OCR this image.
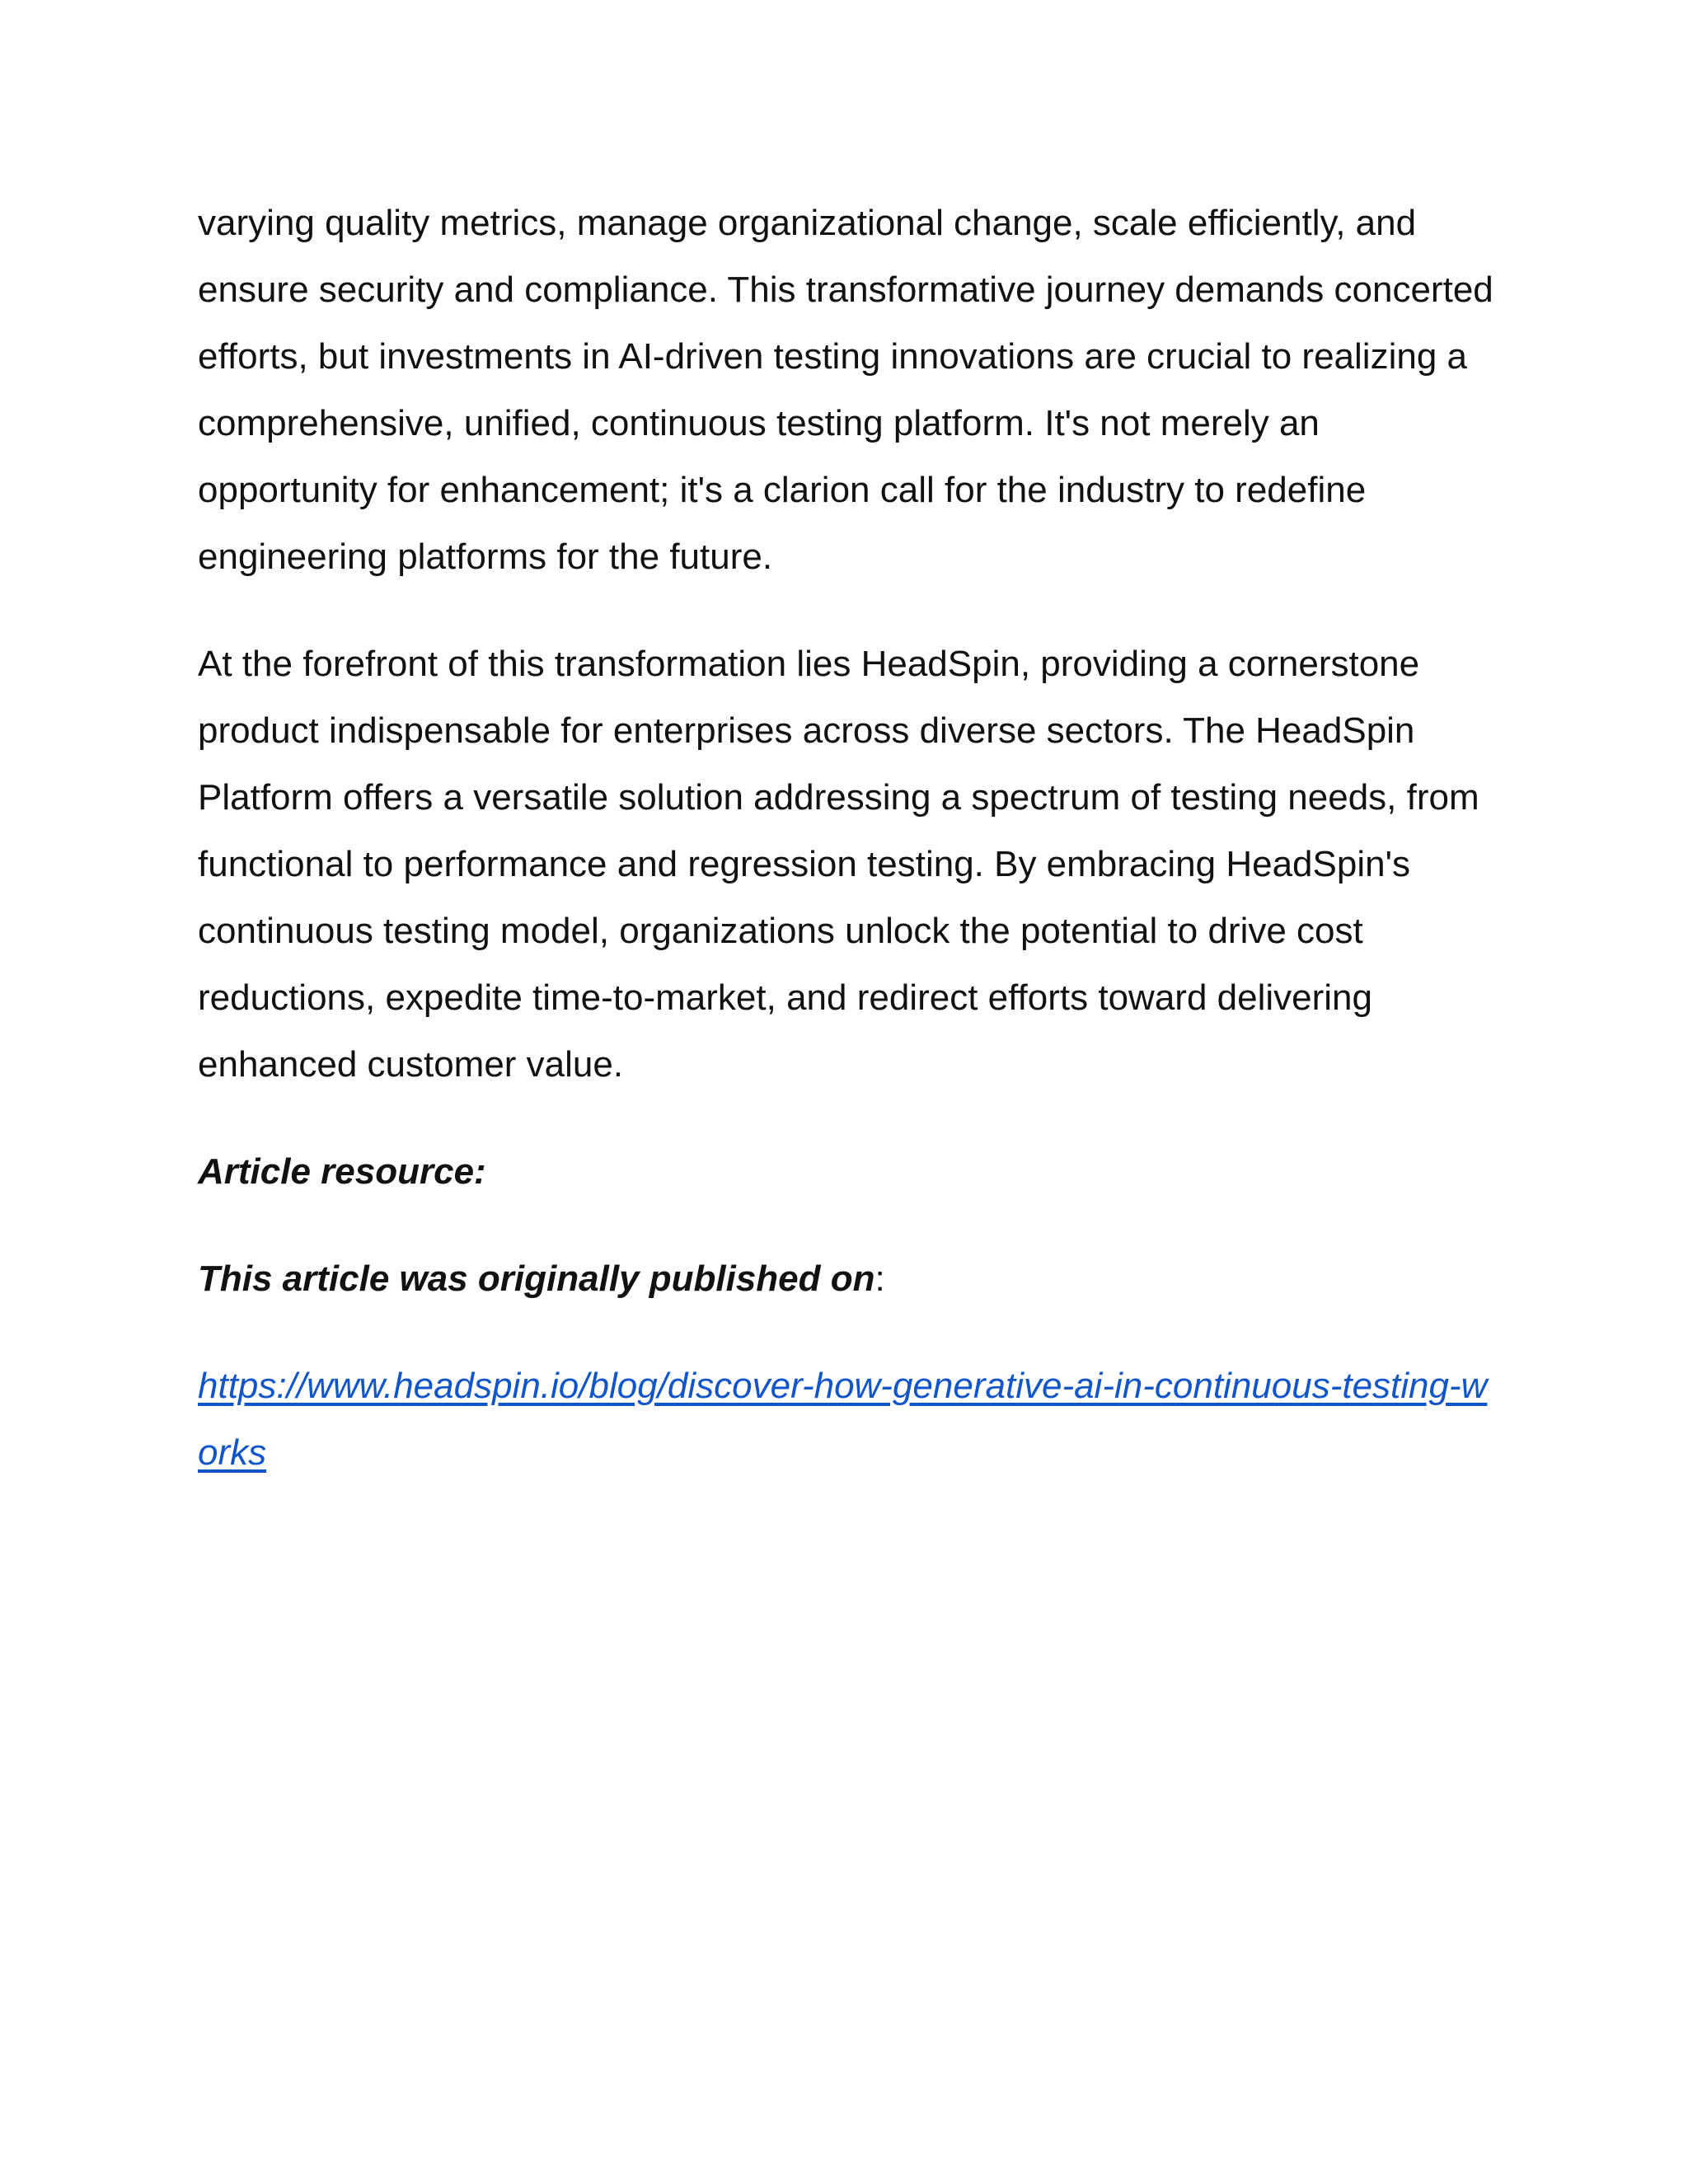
varying quality metrics, manage organizational change, scale efficiently, and ensure security and compliance. This transformative journey demands concerted efforts, but investments in AI-driven testing innovations are crucial to realizing a comprehensive, unified, continuous testing platform. It's not merely an opportunity for enhancement; it's a clarion call for the industry to redefine engineering platforms for the future.

At the forefront of this transformation lies HeadSpin, providing a cornerstone product indispensable for enterprises across diverse sectors. The HeadSpin Platform offers a versatile solution addressing a spectrum of testing needs, from functional to performance and regression testing. By embracing HeadSpin's continuous testing model, organizations unlock the potential to drive cost reductions, expedite time-to-market, and redirect efforts toward delivering enhanced customer value.

Article resource:

This article was originally published on:

https://www.headspin.io/blog/discover-how-generative-ai-in-continuous-testing-works
